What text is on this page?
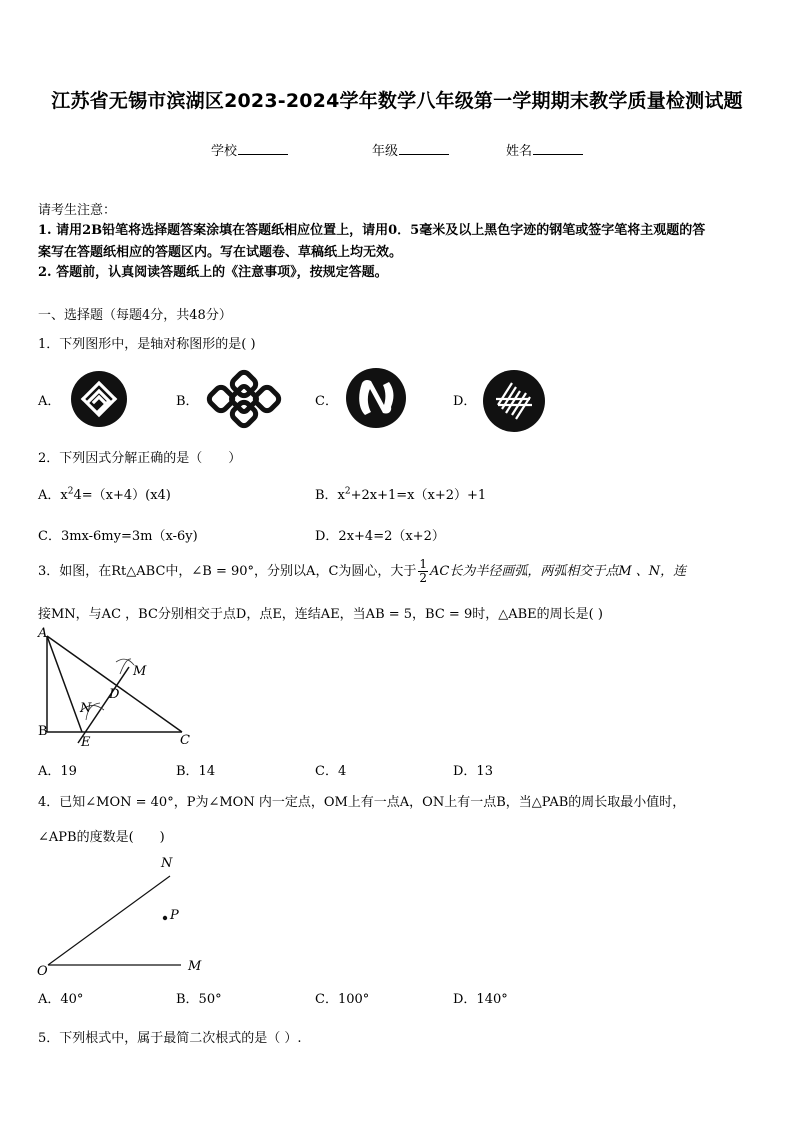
江苏省无锡市滨湖区2023-2024学年数学八年级第一学期期末教学质量检测试题
学校	年级	姓名
请考生注意：
1. 请用2B铅笔将选择题答案涂填在答题纸相应位置上，请用0．5毫米及以上黑色字迹的钢笔或签字笔将主观题的答
案写在答题纸相应的答题区内。写在试题卷、草稿纸上均无效。
2. 答题前，认真阅读答题纸上的《注意事项》，按规定答题。
一、选择题（每题4分，共48分）
1．下列图形中，是轴对称图形的是( )
A．	B．	C．	D．
2．下列因式分解正确的是（　　）
A．$x^24=(x+4)(x4)$	B．$x^2+2x+1=x(x+2)+1$
C．3mx-6my=3m（x-6y)	D．2x+4=2（x+2）
3．如图，在Rt△ABC中，∠B = 90°，分别以A，C为圆心，大于 $\frac{1}{2}$ AC长为半径画弧，两弧相交于点M 、N，连
接MN，与AC ，BC分别相交于点D，点E，连结AE，当AB = 5，BC = 9时，△ABE的周长是( )
A
B
C
D
E
M
N
A．19	B．14	C．4	D．13
4．已知∠MON = 40°，P为∠MON 内一定点，OM上有一点A，ON上有一点B，当△PAB的周长取最小值时，
∠APB的度数是(　　)
N
P
O	M
A．40°	B．50°	C．100°	D．140°
5．下列根式中，属于最简二次根式的是（ ）.
